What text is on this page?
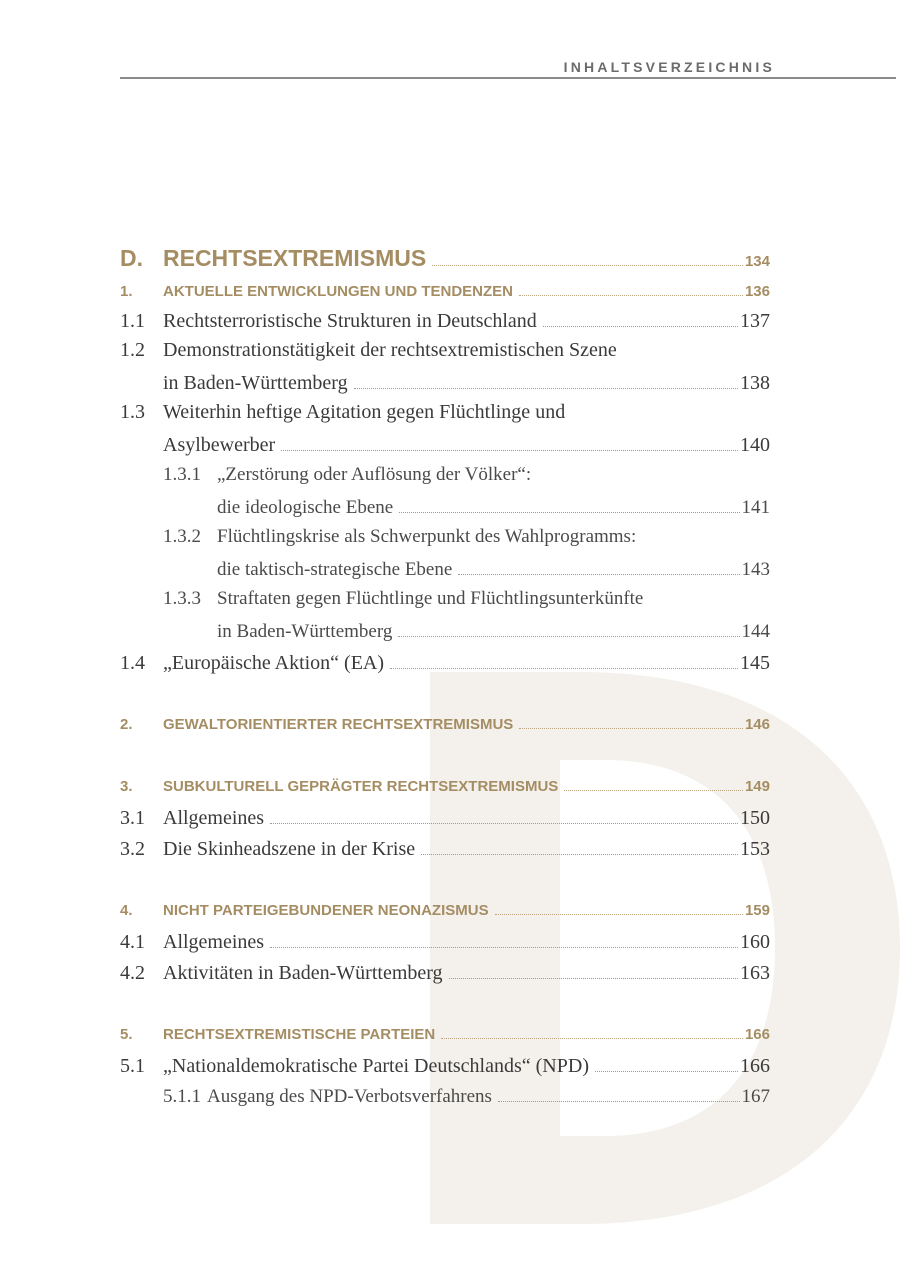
INHALTSVERZEICHNIS
D. RECHTSEXTREMISMUS	134
1.	AKTUELLE ENTWICKLUNGEN UND TENDENZEN	136
1.1 Rechtsterroristische Strukturen in Deutschland	137
1.2 Demonstrationstätigkeit der rechtsextremistischen Szene
in Baden-Württemberg	138
1.3 Weiterhin heftige Agitation gegen Flüchtlinge und
Asylbewerber	140
1.3.1 „Zerstörung oder Auflösung der Völker“:
die ideologische Ebene	141
1.3.2 Flüchtlingskrise als Schwerpunkt des Wahlprogramms:
die taktisch-strategische Ebene	143
1.3.3 Straftaten gegen Flüchtlinge und Flüchtlingsunterkünfte
in Baden-Württemberg	144
1.4 „Europäische Aktion“ (EA)	145
2.	GEWALTORIENTIERTER RECHTSEXTREMISMUS	146
3.	SUBKULTURELL GEPRÄGTER RECHTSEXTREMISMUS	149
3.1 Allgemeines	150
3.2 Die Skinheadszene in der Krise	153
4.	NICHT PARTEIGEBUNDENER NEONAZISMUS	159
4.1 Allgemeines	160
4.2 Aktivitäten in Baden-Württemberg	163
5.	RECHTSEXTREMISTISCHE PARTEIEN	166
5.1 „Nationaldemokratische Partei Deutschlands“ (NPD)	166
5.1.1 Ausgang des NPD-Verbotsverfahrens	167
